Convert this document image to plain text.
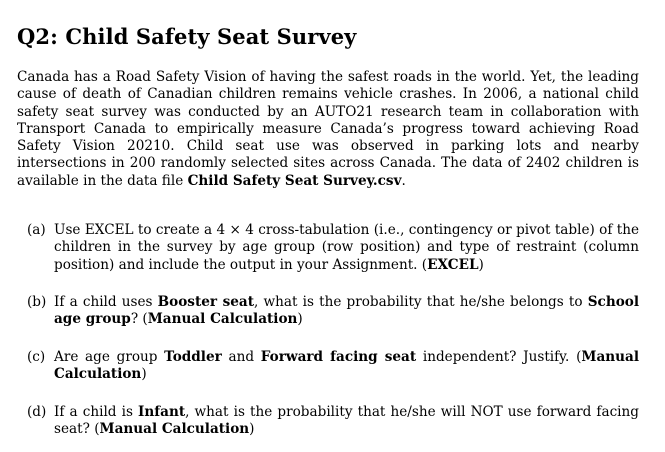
Q2: Child Safety Seat Survey

Canada has a Road Safety Vision of having the safest roads in the world. Yet, the leading cause of death of Canadian children remains vehicle crashes. In 2006, a national child safety seat survey was conducted by an AUTO21 research team in collaboration with Transport Canada to empirically measure Canada’s progress toward achieving Road Safety Vision 20210. Child seat use was observed in parking lots and nearby intersections in 200 randomly selected sites across Canada. The data of 2402 children is available in the data file Child Safety Seat Survey.csv.

(a) Use EXCEL to create a 4 × 4 cross-tabulation (i.e., contingency or pivot table) of the children in the survey by age group (row position) and type of restraint (column position) and include the output in your Assignment. (EXCEL)
(b) If a child uses Booster seat, what is the probability that he/she belongs to School age group? (Manual Calculation)
(c) Are age group Toddler and Forward facing seat independent? Justify. (Manual Calculation)
(d) If a child is Infant, what is the probability that he/she will NOT use forward facing seat? (Manual Calculation)
